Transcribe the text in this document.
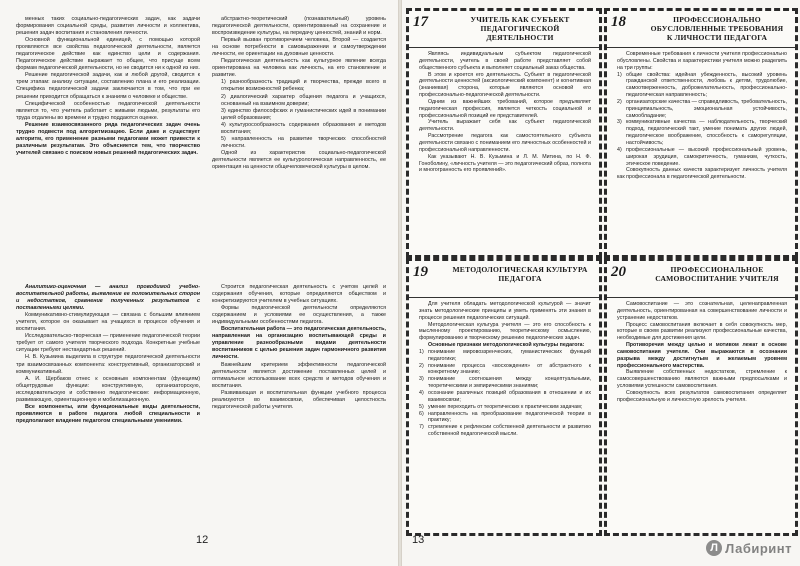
менных таких социально-педагогических задач, как задачи формирования социальной среды, развития личности и коллектива, решения задач воспитания и становления личности.

Основной функциональной единицей, с помощью которой проявляются все свойства педагогической деятельности, является педагогическое действие как единство цели и содержания. Педагогическое действие выражает то общее, что присуще всем формам педагогической деятельности, но не сводится ни к одной из них.

Решение педагогической задачи, как и любой другой, сводится к трем этапам: анализу ситуации, составлению плана и его реализации. Специфика педагогической задачи заключается в том, что при ее решении приходится обращаться к знаниям о человеке и обществе.

Специфической особенностью педагогической деятельности является то, что учитель работает с живыми людьми, результаты его труда отдалены во времени и трудно поддаются оценке.

Решение взаимосвязанного ряда педагогических задач очень трудно подвести под алгоритмизацию. Если даже и существует алгоритм, его применение разными педагогами может привести к различным результатам. Это объясняется тем, что творчество учителей связано с поиском новых решений педагогических задач.

абстрактно-теоретический (познавательный) уровень педагогической деятельности, ориентированный на сохранение и воспроизведение культуры, на передачу ценностей, знаний и норм.

Первый вызван противоречием человека, Второй — создается на основе потребности в самовыражении и самоутверждении личности, ее ориентации на духовные ценности.

Педагогическая деятельность как культурное явление всегда ориентирована на человека как личность, на его становление и развитие.

1) разнообразность традиций и творчества, прежде всего в открытии возможностей ребенка;

2) диалогический характер общения педагога и учащихся, основанный на взаимном доверии;

3) единство философских и гуманистических идей в понимании целей образования;

4) культуросообразность содержания образования и методов воспитания;

5) направленность на развитие творческих способностей личности.

Одной из характеристик социально-педагогической деятельности является ее культурологическая направленность, ее ориентация на ценности общечеловеческой культуры в целом.

Аналитико-оценочная — анализ проводимой учебно-воспитательной работы, выявление ее положительных сторон и недостатков, сравнение полученных результатов с поставленными целями.

Коммуникативно-стимулирующая — связана с большим влиянием учителя, которое он оказывает на учащихся в процессе обучения и воспитания.

Исследовательско-творческая — применение педагогической теории требует от самого учителя творческого подхода. Конкретные учебные ситуации требуют нестандартных решений.

Н. В. Кузьмина выделила в структуре педагогической деятельности три взаимосвязанных компонента: конструктивный, организаторский и коммуникативный.

А. И. Щербаков отнес к основным компонентам (функциям) общетрудовые функции: конструктивную, организаторскую, исследовательскую и собственно педагогические: информационную, развивающую, ориентационную и мобилизационную.

Все компоненты, или функциональные виды деятельности, проявляются в работе педагога любой специальности и предполагают владение педагогом специальными умениями.

Строится педагогическая деятельность с учетом целей и содержания обучения, которые определяются обществом и конкретизируются учителем в учебных ситуациях.

Формы педагогической деятельности определяются содержанием и условиями ее осуществления, а также индивидуальными особенностями педагога.

Воспитательная работа — это педагогическая деятельность, направленная на организацию воспитывающей среды и управление разнообразными видами деятельности воспитанников с целью решения задач гармоничного развития личности.

Важнейшим критерием эффективности педагогической деятельности является достижение поставленных целей и оптимальное использование всех средств и методов обучения и воспитания.

Развивающая и воспитательная функции учебного процесса реализуются во взаимосвязи, обеспечивая целостность педагогической работы учителя.

12
17	УЧИТЕЛЬ КАК СУБЪЕКТ ПЕДАГОГИЧЕСКОЙ ДЕЯТЕЛЬНОСТИ

Являясь индивидуальным субъектом педагогической деятельности, учитель в своей работе представляет собой общественного субъекта и выполняет социальный заказ общества.

В этом и кроется его деятельность. Субъект в педагогической деятельности ценностей (аксиологический компонент) и когнитивная (знаниевая) сторона, которые являются основой его профессионально-педагогической деятельности.

Одним из важнейших требований, которое предъявляет педагогическая профессия, является четкость социальной и профессиональной позиций ее представителей.

Учитель выражает себя как субъект педагогической деятельности.

Рассмотрение педагога как самостоятельного субъекта деятельности связано с пониманием его личностных особенностей и профессиональной направленности.

Как указывают Н. В. Кузьмина и Л. М. Митина, по Н. Ф. Гоноболину, «личность учителя — это педагогический образ, полнота и многогранность его проявлений».

18	ПРОФЕССИОНАЛЬНО ОБУСЛОВЛЕННЫЕ ТРЕБОВАНИЯ К ЛИЧНОСТИ ПЕДАГОГА

Современные требования к личности учителя профессионально обусловлены. Свойства и характеристики учителя можно разделить на три группы:

1) общие свойства: идейная убежденность, высокий уровень гражданской ответственности, любовь к детям, трудолюбие, самоотверженность, доброжелательность, профессионально-педагогическая направленность;

2) организаторские качества — справедливость, требовательность, принципиальность, эмоциональная устойчивость, самообладание;

3) коммуникативные качества — наблюдательность, творческий подход, педагогический такт, умение понимать других людей, педагогическое воображение, способность к саморегуляции, настойчивость;

4) профессиональные — высокий профессиональный уровень, широкая эрудиция, самокритичность, гуманизм, чуткость, этическое поведение.

Совокупность данных качеств характеризует личность учителя как профессионала в педагогической деятельности.

19	МЕТОДОЛОГИЧЕСКАЯ КУЛЬТУРА ПЕДАГОГА

Для учителя обладать методологической культурой — значит знать методологические принципы и уметь применять эти знания в процессе решения педагогических ситуаций.

Методологическая культура учителя — это его способность к мысленному проектированию, теоретическому осмыслению, формулированию и творческому решению педагогических задач.

Основные признаки методологической культуры педагога:

1) понимание мировоззренческих, гуманистических функций педагогики;

2) понимание процесса «восхождения» от абстрактного к конкретному знанию;

3) понимание соотношения между концептуальными, теоретическими и эмпирическими знаниями;

4) осознание различных позиций образования в отношении и их взаимосвязи;

5) умение переходить от теоретических к практическим задачам;

6) направленность на преобразование педагогической теории в практику;

7) стремление к рефлексии собственной деятельности и развитию собственной педагогической мысли.

20	ПРОФЕССИОНАЛЬНОЕ САМОВОСПИТАНИЕ УЧИТЕЛЯ

Самовоспитание — это сознательная, целенаправленная деятельность, ориентированная на совершенствование личности и устранение недостатков.

Процесс самовоспитания включает в себя совокупность мер, которые в своем развитии реализуют профессиональные качества, необходимые для достижения цели.

Противоречия между целью и мотивом лежат в основе самовоспитания учителя. Они выражаются в осознании разрыва между достигнутым и желаемым уровнем профессионального мастерства.

Выявление собственных недостатков, стремление к самосовершенствованию являются важными предпосылками и условиями успешности самовоспитания.

Совокупность всех результатов самовоспитания определяет профессиональную и личностную зрелость учителя.

13
Л Лабиринт
